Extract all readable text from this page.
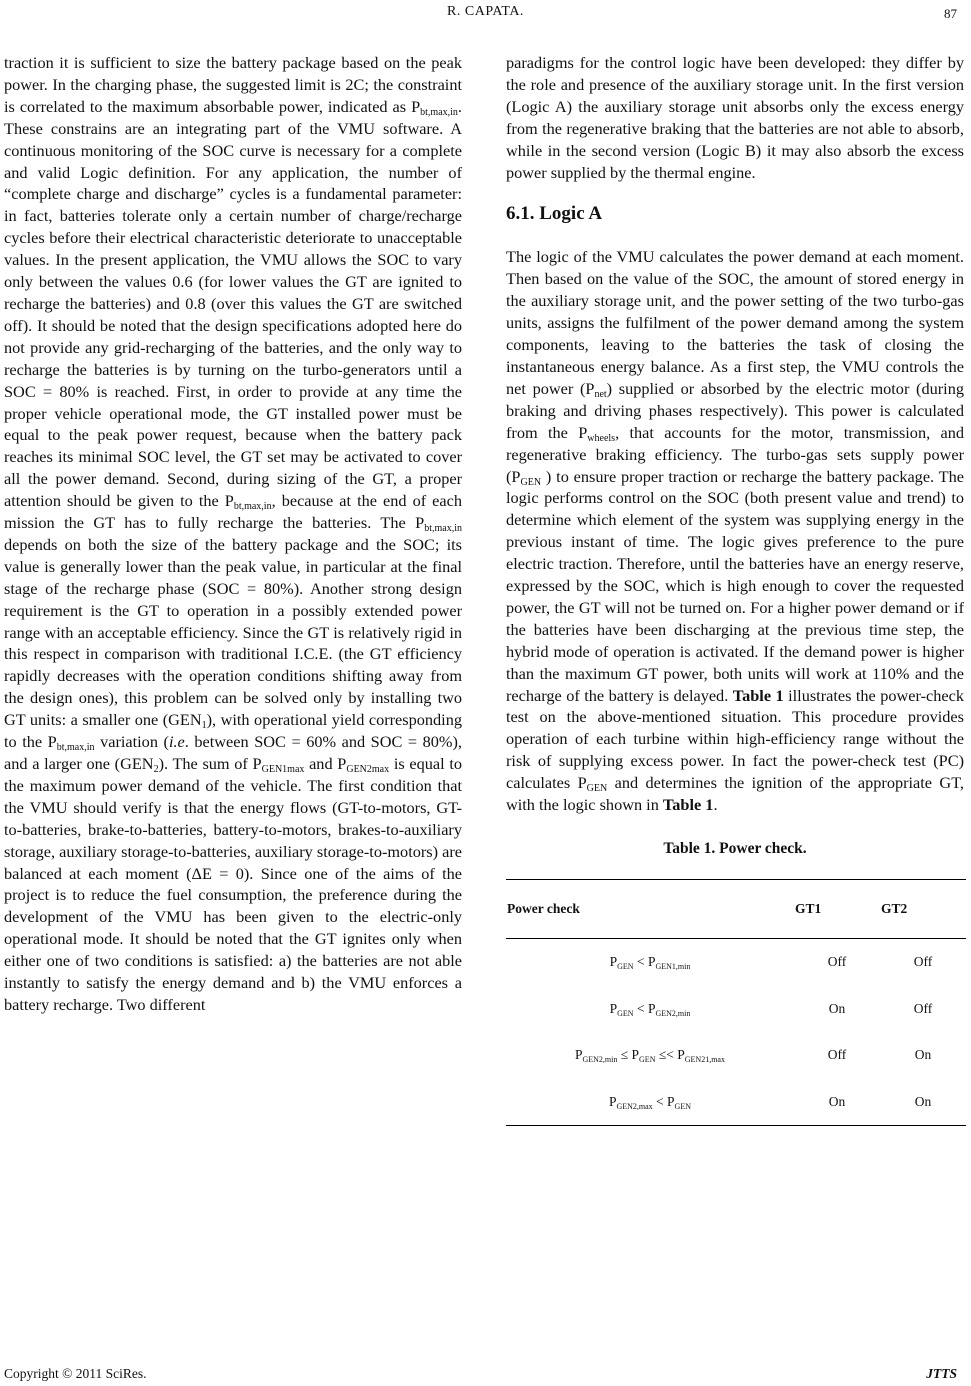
R. CAPATA.	87

traction it is sufficient to size the battery package based on the peak power. In the charging phase, the suggested limit is 2C; the constraint is correlated to the maximum absorbable power, indicated as $P_{bt,max,in}$. These constrains are an integrating part of the VMU software. A continuous monitoring of the SOC curve is necessary for a complete and valid Logic definition. For any application, the number of “complete charge and discharge” cycles is a fundamental parameter: in fact, batteries tolerate only a certain number of charge/recharge cycles before their electrical characteristic deteriorate to unacceptable values. In the present application, the VMU allows the SOC to vary only between the values 0.6 (for lower values the GT are ignited to recharge the batteries) and 0.8 (over this values the GT are switched off). It should be noted that the design specifications adopted here do not provide any grid-recharging of the batteries, and the only way to recharge the batteries is by turning on the turbo-generators until a SOC = 80% is reached. First, in order to provide at any time the proper vehicle operational mode, the GT installed power must be equal to the peak power request, because when the battery pack reaches its minimal SOC level, the GT set may be activated to cover all the power demand. Second, during sizing of the GT, a proper attention should be given to the $P_{bt,max,in}$, because at the end of each mission the GT has to fully recharge the batteries. The $P_{bt,max,in}$ depends on both the size of the battery package and the SOC; its value is generally lower than the peak value, in particular at the final stage of the recharge phase (SOC = 80%). Another strong design requirement is the GT to operation in a possibly extended power range with an acceptable efficiency. Since the GT is relatively rigid in this respect in comparison with traditional I.C.E. (the GT efficiency rapidly decreases with the operation conditions shifting away from the design ones), this problem can be solved only by installing two GT units: a smaller one $(GEN_1)$, with operational yield corresponding to the $P_{bt,max,in}$ variation (i.e. between SOC = 60% and SOC = 80%), and a larger one $(GEN_2)$. The sum of $P_{GEN1max}$ and $P_{GEN2max}$ is equal to the maximum power demand of the vehicle. The first condition that the VMU should verify is that the energy flows (GT-to-motors, GT-to-batteries, brake-to-batteries, battery-to-motors, brakes-to-auxiliary storage, auxiliary storage-to-batteries, auxiliary storage-to-motors) are balanced at each moment (ΔE = 0). Since one of the aims of the project is to reduce the fuel consumption, the preference during the development of the VMU has been given to the electric-only operational mode. It should be noted that the GT ignites only when either one of two conditions is satisfied: a) the batteries are not able instantly to satisfy the energy demand and b) the VMU enforces a battery recharge. Two different

paradigms for the control logic have been developed: they differ by the role and presence of the auxiliary storage unit. In the first version (Logic A) the auxiliary storage unit absorbs only the excess energy from the regenerative braking that the batteries are not able to absorb, while in the second version (Logic B) it may also absorb the excess power supplied by the thermal engine.

6.1. Logic A

The logic of the VMU calculates the power demand at each moment. Then based on the value of the SOC, the amount of stored energy in the auxiliary storage unit, and the power setting of the two turbo-gas units, assigns the fulfilment of the power demand among the system components, leaving to the batteries the task of closing the instantaneous energy balance. As a first step, the VMU controls the net power $(P_{net})$ supplied or absorbed by the electric motor (during braking and driving phases respectively). This power is calculated from the $P_{wheels}$, that accounts for the motor, transmission, and regenerative braking efficiency. The turbo-gas sets supply power ($P_{GEN}$ ) to ensure proper traction or recharge the battery package. The logic performs control on the SOC (both present value and trend) to determine which element of the system was supplying energy in the previous instant of time. The logic gives preference to the pure electric traction. Therefore, until the batteries have an energy reserve, expressed by the SOC, which is high enough to cover the requested power, the GT will not be turned on. For a higher power demand or if the batteries have been discharging at the previous time step, the hybrid mode of operation is activated. If the demand power is higher than the maximum GT power, both units will work at 110% and the recharge of the battery is delayed. Table 1 illustrates the power-check test on the above-mentioned situation. This procedure provides operation of each turbine within high-efficiency range without the risk of supplying excess power. In fact the power-check test (PC) calculates $P_{GEN}$ and determines the ignition of the appropriate GT, with the logic shown in Table 1.

Table 1. Power check.
Power check	GT1	GT2
$P_{GEN} < P_{GEN1,min}$	Off	Off
$P_{GEN} < P_{GEN2,min}$	On	Off
$P_{GEN2,min} \le P_{GEN} \le< P_{GEN21,max}$	Off	On
$P_{GEN2,max} < P_{GEN}$	On	On
Copyright © 2011 SciRes.	JTTS
